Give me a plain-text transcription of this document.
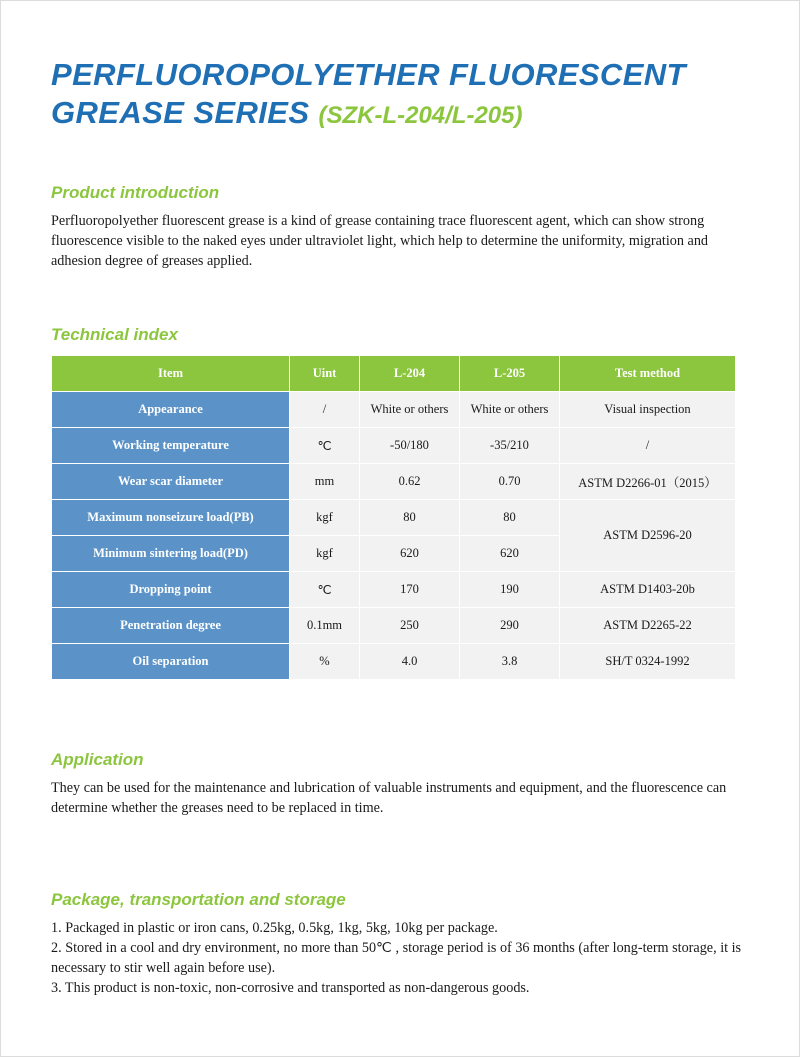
PERFLUOROPOLYETHER FLUORESCENT GREASE SERIES (SZK-L-204/L-205)
Product introduction

Perfluoropolyether fluorescent grease is a kind of grease containing trace fluorescent agent, which can show strong fluorescence visible to the naked eyes under ultraviolet light, which help to determine the uniformity, migration and adhesion degree of greases applied.

Technical index
Item	Uint	L-204	L-205	Test method
Appearance	/	White or others	White or others	Visual inspection
Working temperature	℃	-50/180	-35/210	/
Wear scar diameter	mm	0.62	0.70	ASTM D2266-01（2015）
Maximum nonseizure load(PB)	kgf	80	80	ASTM D2596-20
Minimum sintering load(PD)	kgf	620	620	
Dropping point	℃	170	190	ASTM D1403-20b
Penetration degree	0.1mm	250	290	ASTM D2265-22
Oil separation	%	4.0	3.8	SH/T 0324-1992
Application

They can be used for the maintenance and lubrication of valuable instruments and equipment, and the fluorescence can determine whether the greases need to be replaced in time.

Package, transportation and storage

1. Packaged in plastic or iron cans, 0.25kg, 0.5kg, 1kg, 5kg, 10kg per package.

2. Stored in a cool and dry environment, no more than 50℃ , storage period is of 36 months (after long-term storage, it is necessary to stir well again before use).

3. This product is non-toxic, non-corrosive and transported as non-dangerous goods.
